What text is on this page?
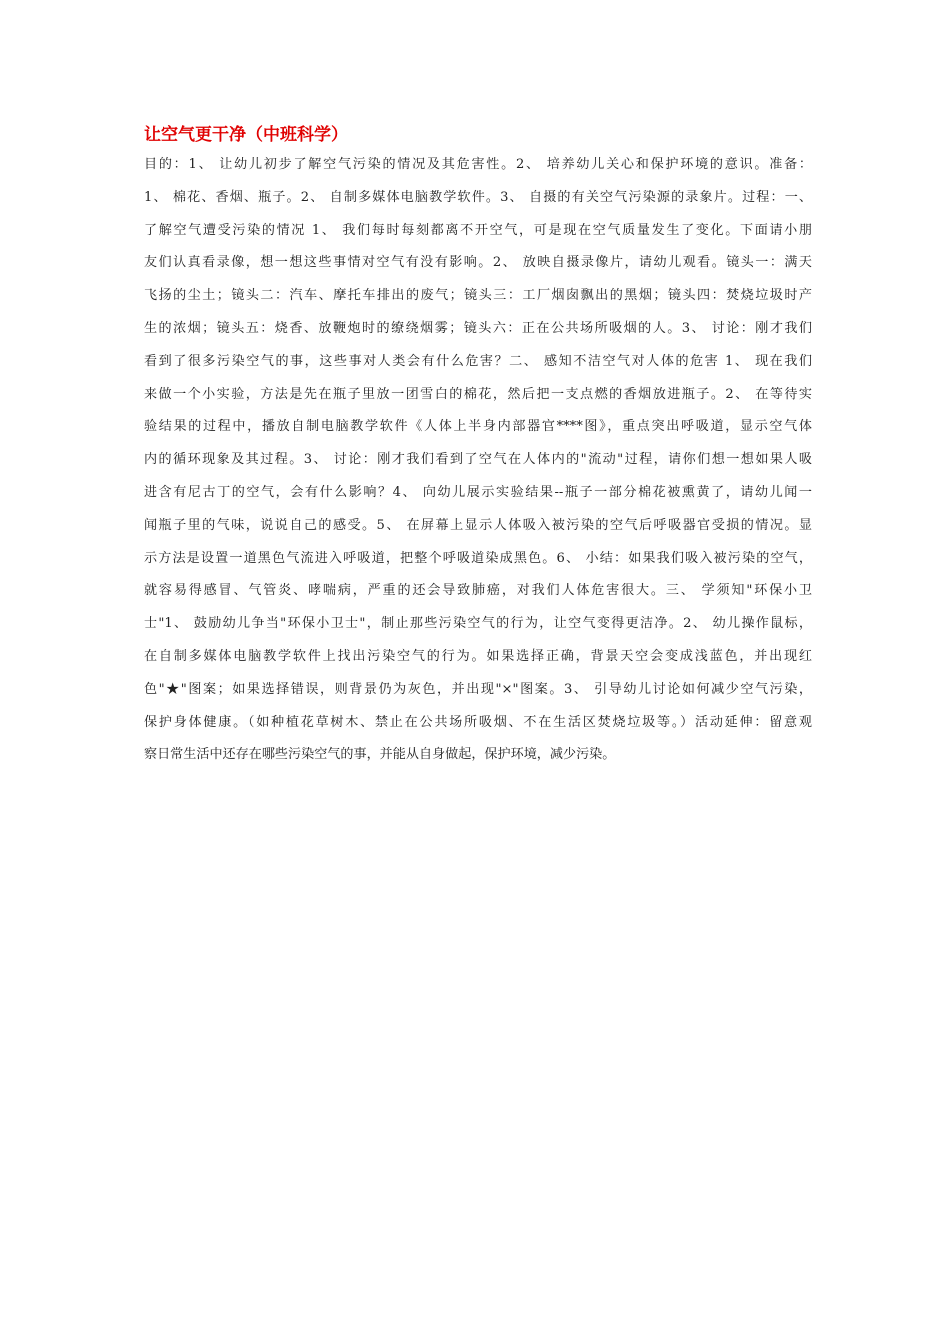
让空气更干净（中班科学）
目的：1、 让幼儿初步了解空气污染的情况及其危害性。2、 培养幼儿关心和保护环境的意识。准备：
1、 棉花、香烟、瓶子。2、 自制多媒体电脑教学软件。3、 自摄的有关空气污染源的录象片。过程：一、
了解空气遭受污染的情况 1、 我们每时每刻都离不开空气，可是现在空气质量发生了变化。下面请小朋
友们认真看录像，想一想这些事情对空气有没有影响。2、 放映自摄录像片，请幼儿观看。镜头一：满天
飞扬的尘土；镜头二：汽车、摩托车排出的废气；镜头三：工厂烟囱飘出的黑烟；镜头四：焚烧垃圾时产
生的浓烟；镜头五：烧香、放鞭炮时的缭绕烟雾；镜头六：正在公共场所吸烟的人。3、 讨论：刚才我们
看到了很多污染空气的事，这些事对人类会有什么危害？二、 感知不洁空气对人体的危害 1、 现在我们
来做一个小实验，方法是先在瓶子里放一团雪白的棉花，然后把一支点燃的香烟放进瓶子。2、 在等待实
验结果的过程中，播放自制电脑教学软件《人体上半身内部器官****图》，重点突出呼吸道，显示空气体
内的循环现象及其过程。3、 讨论：刚才我们看到了空气在人体内的"流动"过程，请你们想一想如果人吸
进含有尼古丁的空气，会有什么影响？4、 向幼儿展示实验结果--瓶子一部分棉花被熏黄了，请幼儿闻一
闻瓶子里的气味，说说自己的感受。5、 在屏幕上显示人体吸入被污染的空气后呼吸器官受损的情况。显
示方法是设置一道黑色气流进入呼吸道，把整个呼吸道染成黑色。6、 小结：如果我们吸入被污染的空气，
就容易得感冒、气管炎、哮喘病，严重的还会导致肺癌，对我们人体危害很大。三、 学须知"环保小卫
士"1、 鼓励幼儿争当"环保小卫士"，制止那些污染空气的行为，让空气变得更洁净。2、 幼儿操作鼠标，
在自制多媒体电脑教学软件上找出污染空气的行为。如果选择正确，背景天空会变成浅蓝色，并出现红
色"★"图案；如果选择错误，则背景仍为灰色，并出现"×"图案。3、 引导幼儿讨论如何减少空气污染，
保护身体健康。（如种植花草树木、禁止在公共场所吸烟、不在生活区焚烧垃圾等。）活动延伸：留意观
察日常生活中还存在哪些污染空气的事，并能从自身做起，保护环境，减少污染。
